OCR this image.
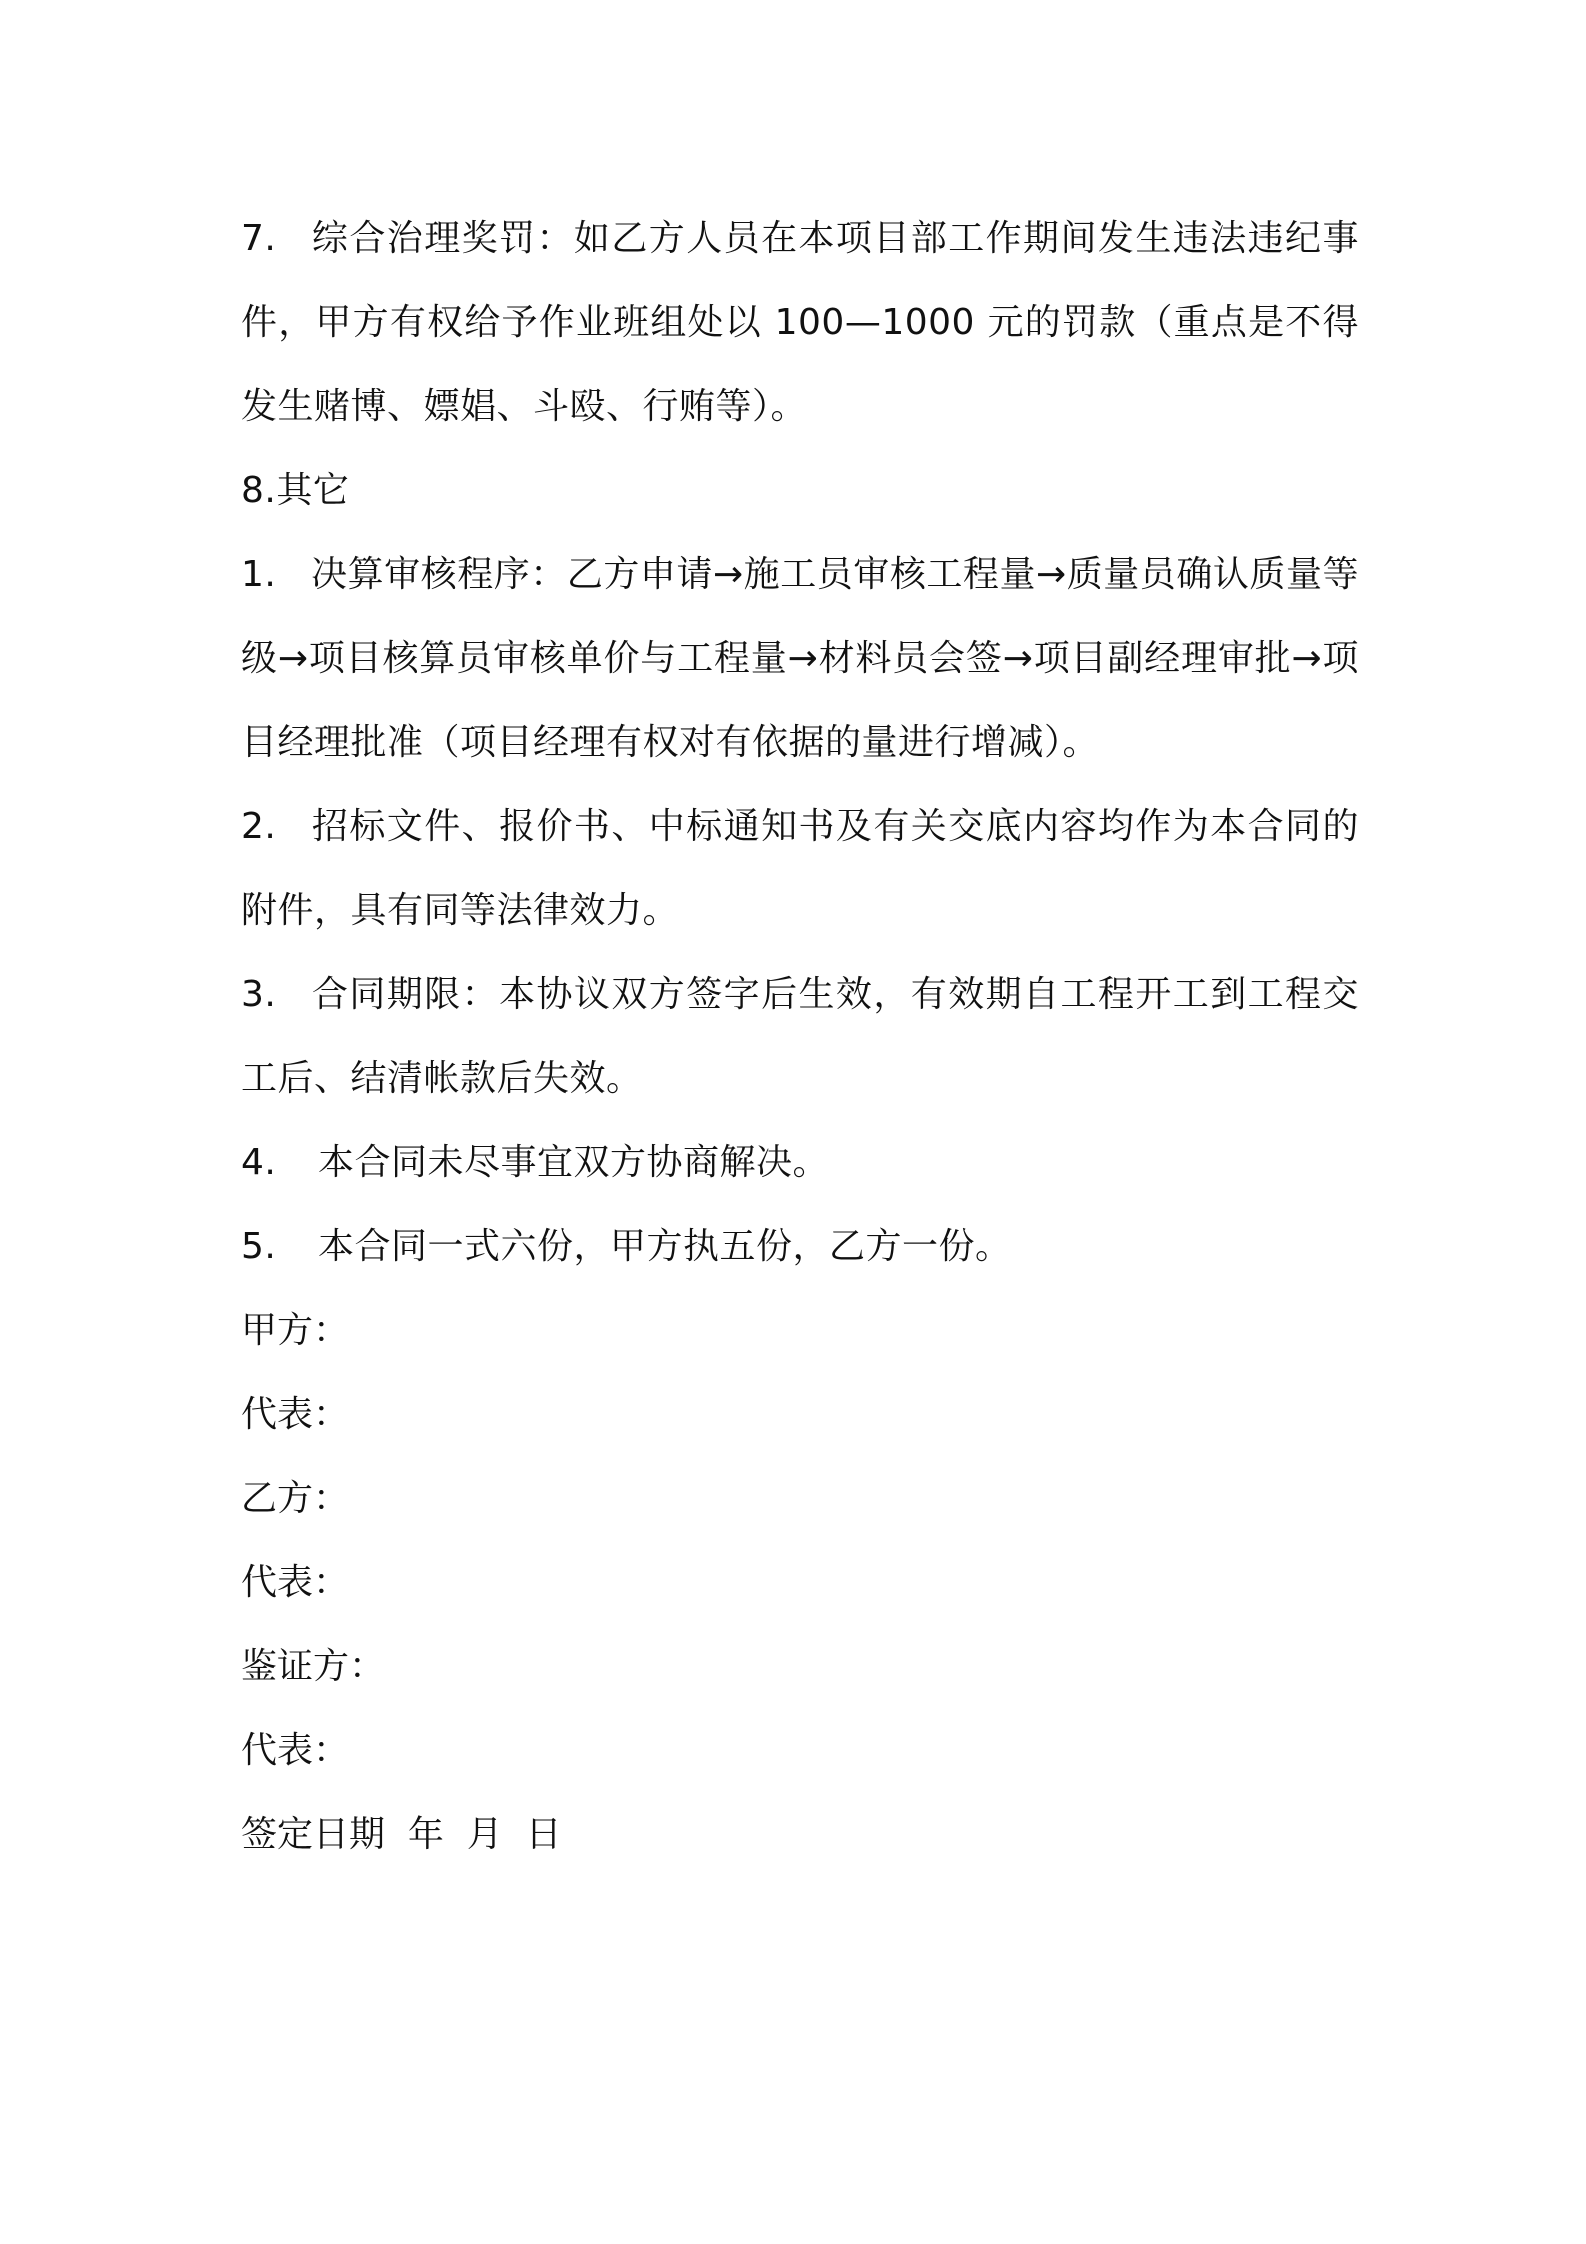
7. 综合治理奖罚：如乙方人员在本项目部工作期间发生违法违纪事件，甲方有权给予作业班组处以 100—1000 元的罚款（重点是不得发生赌博、嫖娼、斗殴、行贿等）。

8.其它

1. 决算审核程序：乙方申请→施工员审核工程量→质量员确认质量等级→项目核算员审核单价与工程量→材料员会签→项目副经理审批→项目经理批准（项目经理有权对有依据的量进行增减）。

2. 招标文件、报价书、中标通知书及有关交底内容均作为本合同的附件，具有同等法律效力。

3. 合同期限：本协议双方签字后生效，有效期自工程开工到工程交工后、结清帐款后失效。

4. 本合同未尽事宜双方协商解决。

5. 本合同一式六份，甲方执五份，乙方一份。

甲方：

代表：

乙方：

代表：

鉴证方：

代表：

签定日期  年  月  日
